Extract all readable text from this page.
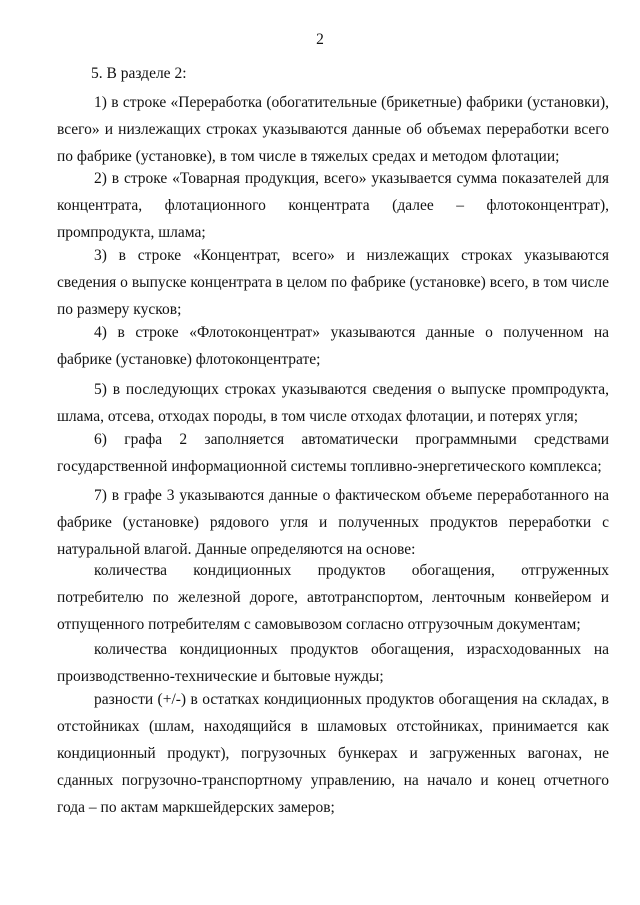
2
5. В разделе 2:

1) в строке «Переработка (обогатительные (брикетные) фабрики (установки), всего» и низлежащих строках указываются данные об объемах переработки всего по фабрике (установке), в том числе в тяжелых средах и методом флотации;

2) в строке «Товарная продукция, всего» указывается сумма показателей для концентрата, флотационного концентрата (далее – флотоконцентрат), промпродукта, шлама;

3) в строке «Концентрат, всего» и низлежащих строках указываются сведения о выпуске концентрата в целом по фабрике (установке) всего, в том числе по размеру кусков;

4) в строке «Флотоконцентрат» указываются данные о полученном на фабрике (установке) флотоконцентрате;

5) в последующих строках указываются сведения о выпуске промпродукта, шлама, отсева, отходах породы, в том числе отходах флотации, и потерях угля;

6) графа 2 заполняется автоматически программными средствами государственной информационной системы топливно-энергетического комплекса;

7) в графе 3 указываются данные о фактическом объеме переработанного на фабрике (установке) рядового угля и полученных продуктов переработки с натуральной влагой. Данные определяются на основе:

количества кондиционных продуктов обогащения, отгруженных потребителю по железной дороге, автотранспортом, ленточным конвейером и отпущенного потребителям с самовывозом согласно отгрузочным документам;

количества кондиционных продуктов обогащения, израсходованных на производственно-технические и бытовые нужды;

разности (+/-) в остатках кондиционных продуктов обогащения на складах, в отстойниках (шлам, находящийся в шламовых отстойниках, принимается как кондиционный продукт), погрузочных бункерах и загруженных вагонах, не сданных погрузочно-транспортному управлению, на начало и конец отчетного года – по актам маркшейдерских замеров;
